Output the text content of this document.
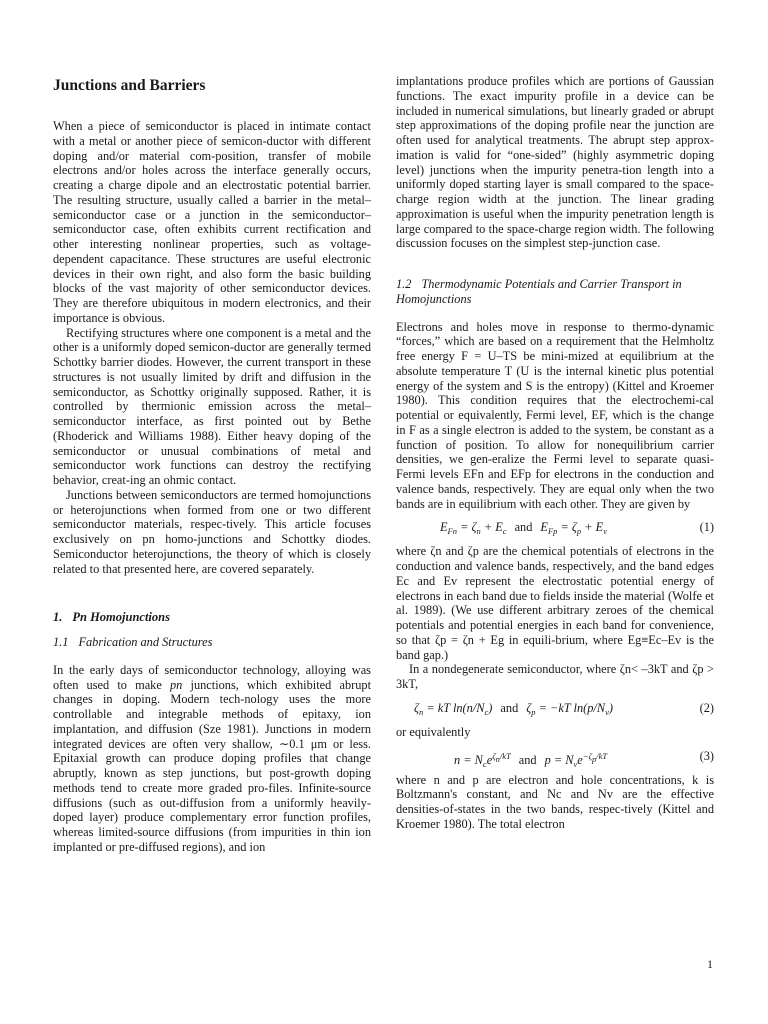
Junctions and Barriers

When a piece of semiconductor is placed in intimate contact with a metal or another piece of semicon-ductor with different doping and/or material com-position, transfer of mobile electrons and/or holes across the interface generally occurs, creating a charge dipole and an electrostatic potential barrier. The resulting structure, usually called a barrier in the metal–semiconductor case or a junction in the semiconductor–semiconductor case, often exhibits current rectification and other interesting nonlinear properties, such as voltage-dependent capacitance. These structures are useful electronic devices in their own right, and also form the basic building blocks of the vast majority of other semiconductor devices. They are therefore ubiquitous in modern electronics, and their importance is obvious.

Rectifying structures where one component is a metal and the other is a uniformly doped semicon-ductor are generally termed Schottky barrier diodes. However, the current transport in these structures is not usually limited by drift and diffusion in the semiconductor, as Schottky originally supposed. Rather, it is controlled by thermionic emission across the metal–semiconductor interface, as first pointed out by Bethe (Rhoderick and Williams 1988). Either heavy doping of the semiconductor or unusual combinations of metal and semiconductor work functions can destroy the rectifying behavior, creat-ing an ohmic contact.

Junctions between semiconductors are termed homojunctions or heterojunctions when formed from one or two different semiconductor materials, respec-tively. This article focuses exclusively on pn homo-junctions and Schottky diodes. Semiconductor heterojunctions, the theory of which is closely related to that presented here, are covered separately.

1. Pn Homojunctions

1.1 Fabrication and Structures

In the early days of semiconductor technology, alloying was often used to make pn junctions, which exhibited abrupt changes in doping. Modern tech-nology uses the more controllable and integrable methods of epitaxy, ion implantation, and diffusion (Sze 1981). Junctions in modern integrated devices are often very shallow, ∼0.1 μm or less. Epitaxial growth can produce doping profiles that change abruptly, known as step junctions, but post-growth doping methods tend to create more graded pro-files. Infinite-source diffusions (such as out-diffusion from a uniformly heavily-doped layer) produce complementary error function profiles, whereas limited-source diffusions (from impurities in thin ion implanted or pre-diffused regions), and ion

implantations produce profiles which are portions of Gaussian functions. The exact impurity profile in a device can be included in numerical simulations, but linearly graded or abrupt step approximations of the doping profile near the junction are often used for analytical treatments. The abrupt step approx-imation is valid for “one-sided” (highly asymmetric doping level) junctions when the impurity penetra-tion length into a uniformly doped starting layer is small compared to the space-charge region width at the junction. The linear grading approximation is useful when the impurity penetration length is large compared to the space-charge region width. The following discussion focuses on the simplest step-junction case.

1.2 Thermodynamic Potentials and Carrier Transport in Homojunctions

Electrons and holes move in response to thermo-dynamic “forces,” which are based on a requirement that the Helmholtz free energy F = U–TS be mini-mized at equilibrium at the absolute temperature T (U is the internal kinetic plus potential energy of the system and S is the entropy) (Kittel and Kroemer 1980). This condition requires that the electrochemi-cal potential or equivalently, Fermi level, EF, which is the change in F as a single electron is added to the system, be constant as a function of position. To allow for nonequilibrium carrier densities, we gen-eralize the Fermi level to separate quasi-Fermi levels EFn and EFp for electrons in the conduction and valence bands, respectively. They are equal only when the two bands are in equilibrium with each other. They are given by

$E_{Fn} = \zeta_n + E_c$ and $E_{Fp} = \zeta_p + E_v$	(1)

where ζn and ζp are the chemical potentials of electrons in the conduction and valence bands, respectively, and the band edges Ec and Ev represent the electrostatic potential energy of electrons in each band due to fields inside the material (Wolfe et al. 1989). (We use different arbitrary zeroes of the chemical potentials and potential energies in each band for convenience, so that ζp = ζn + Eg in equili-brium, where Eg≡Ec–Ev is the band gap.)

In a nondegenerate semiconductor, where ζn< –3kT and ζp > 3kT,

$\zeta_n$ = kT $\ln(n/N_c)$ and $\zeta_p = -kT$ $\ln(p/N_v)$	(2)

or equivalently

$n = N_ce^{\zeta_n/kT}$ and $p = N_ve^{-\zeta_p/kT}$	(3)

where n and p are electron and hole concentrations, k is Boltzmann's constant, and Nc and Nv are the effective densities-of-states in the two bands, respec-tively (Kittel and Kroemer 1980). The total electron

1
